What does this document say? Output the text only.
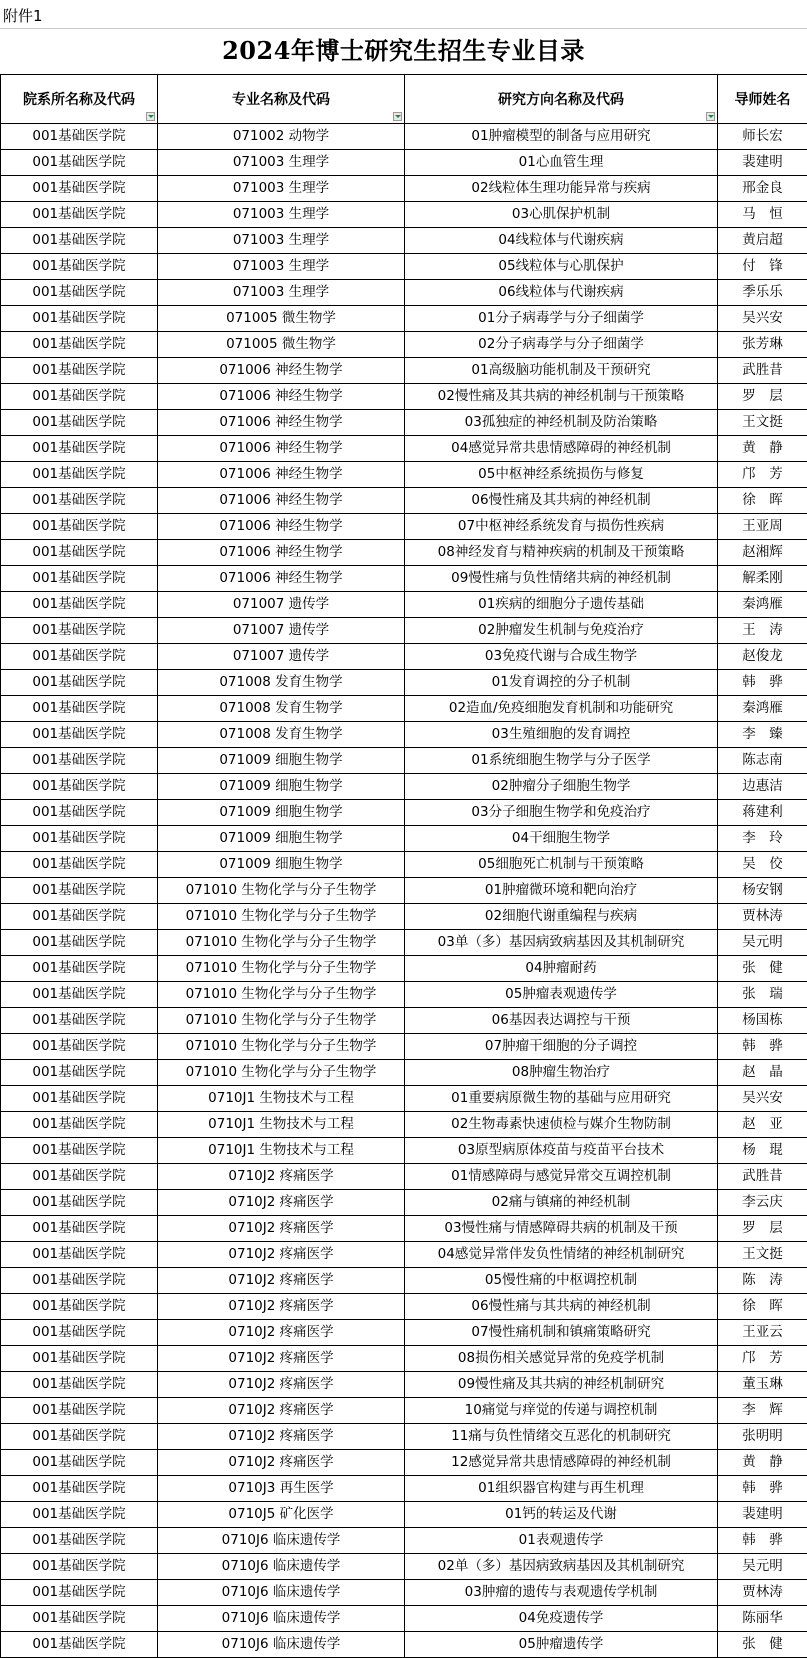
附件1
2024年博士研究生招生专业目录
院系所名称及代码	专业名称及代码	研究方向名称及代码	导师姓名
001基础医学院	071002 动物学	01肿瘤模型的制备与应用研究	师长宏
001基础医学院	071003 生理学	01心血管生理	裴建明
001基础医学院	071003 生理学	02线粒体生理功能异常与疾病	邢金良
001基础医学院	071003 生理学	03心肌保护机制	马　恒
001基础医学院	071003 生理学	04线粒体与代谢疾病	黄启超
001基础医学院	071003 生理学	05线粒体与心肌保护	付　锋
001基础医学院	071003 生理学	06线粒体与代谢疾病	季乐乐
001基础医学院	071005 微生物学	01分子病毒学与分子细菌学	吴兴安
001基础医学院	071005 微生物学	02分子病毒学与分子细菌学	张芳琳
001基础医学院	071006 神经生物学	01高级脑功能机制及干预研究	武胜昔
001基础医学院	071006 神经生物学	02慢性痛及其共病的神经机制与干预策略	罗　层
001基础医学院	071006 神经生物学	03孤独症的神经机制及防治策略	王文挺
001基础医学院	071006 神经生物学	04感觉异常共患情感障碍的神经机制	黄　静
001基础医学院	071006 神经生物学	05中枢神经系统损伤与修复	邝　芳
001基础医学院	071006 神经生物学	06慢性痛及其共病的神经机制	徐　晖
001基础医学院	071006 神经生物学	07中枢神经系统发育与损伤性疾病	王亚周
001基础医学院	071006 神经生物学	08神经发育与精神疾病的机制及干预策略	赵湘辉
001基础医学院	071006 神经生物学	09慢性痛与负性情绪共病的神经机制	解柔刚
001基础医学院	071007 遗传学	01疾病的细胞分子遗传基础	秦鸿雁
001基础医学院	071007 遗传学	02肿瘤发生机制与免疫治疗	王　涛
001基础医学院	071007 遗传学	03免疫代谢与合成生物学	赵俊龙
001基础医学院	071008 发育生物学	01发育调控的分子机制	韩　骅
001基础医学院	071008 发育生物学	02造血/免疫细胞发育机制和功能研究	秦鸿雁
001基础医学院	071008 发育生物学	03生殖细胞的发育调控	李　臻
001基础医学院	071009 细胞生物学	01系统细胞生物学与分子医学	陈志南
001基础医学院	071009 细胞生物学	02肿瘤分子细胞生物学	边惠洁
001基础医学院	071009 细胞生物学	03分子细胞生物学和免疫治疗	蒋建利
001基础医学院	071009 细胞生物学	04干细胞生物学	李　玲
001基础医学院	071009 细胞生物学	05细胞死亡机制与干预策略	吴　佼
001基础医学院	071010 生物化学与分子生物学	01肿瘤微环境和靶向治疗	杨安钢
001基础医学院	071010 生物化学与分子生物学	02细胞代谢重编程与疾病	贾林涛
001基础医学院	071010 生物化学与分子生物学	03单（多）基因病致病基因及其机制研究	吴元明
001基础医学院	071010 生物化学与分子生物学	04肿瘤耐药	张　健
001基础医学院	071010 生物化学与分子生物学	05肿瘤表观遗传学	张　瑞
001基础医学院	071010 生物化学与分子生物学	06基因表达调控与干预	杨国栋
001基础医学院	071010 生物化学与分子生物学	07肿瘤干细胞的分子调控	韩　骅
001基础医学院	071010 生物化学与分子生物学	08肿瘤生物治疗	赵　晶
001基础医学院	0710J1 生物技术与工程	01重要病原微生物的基础与应用研究	吴兴安
001基础医学院	0710J1 生物技术与工程	02生物毒素快速侦检与媒介生物防制	赵　亚
001基础医学院	0710J1 生物技术与工程	03原型病原体疫苗与疫苗平台技术	杨　琨
001基础医学院	0710J2 疼痛医学	01情感障碍与感觉异常交互调控机制	武胜昔
001基础医学院	0710J2 疼痛医学	02痛与镇痛的神经机制	李云庆
001基础医学院	0710J2 疼痛医学	03慢性痛与情感障碍共病的机制及干预	罗　层
001基础医学院	0710J2 疼痛医学	04感觉异常伴发负性情绪的神经机制研究	王文挺
001基础医学院	0710J2 疼痛医学	05慢性痛的中枢调控机制	陈　涛
001基础医学院	0710J2 疼痛医学	06慢性痛与其共病的神经机制	徐　晖
001基础医学院	0710J2 疼痛医学	07慢性痛机制和镇痛策略研究	王亚云
001基础医学院	0710J2 疼痛医学	08损伤相关感觉异常的免疫学机制	邝　芳
001基础医学院	0710J2 疼痛医学	09慢性痛及其共病的神经机制研究	董玉琳
001基础医学院	0710J2 疼痛医学	10痛觉与痒觉的传递与调控机制	李　辉
001基础医学院	0710J2 疼痛医学	11痛与负性情绪交互恶化的机制研究	张明明
001基础医学院	0710J2 疼痛医学	12感觉异常共患情感障碍的神经机制	黄　静
001基础医学院	0710J3 再生医学	01组织器官构建与再生机理	韩　骅
001基础医学院	0710J5 矿化医学	01钙的转运及代谢	裴建明
001基础医学院	0710J6 临床遗传学	01表观遗传学	韩　骅
001基础医学院	0710J6 临床遗传学	02单（多）基因病致病基因及其机制研究	吴元明
001基础医学院	0710J6 临床遗传学	03肿瘤的遗传与表观遗传学机制	贾林涛
001基础医学院	0710J6 临床遗传学	04免疫遗传学	陈丽华
001基础医学院	0710J6 临床遗传学	05肿瘤遗传学	张　健
